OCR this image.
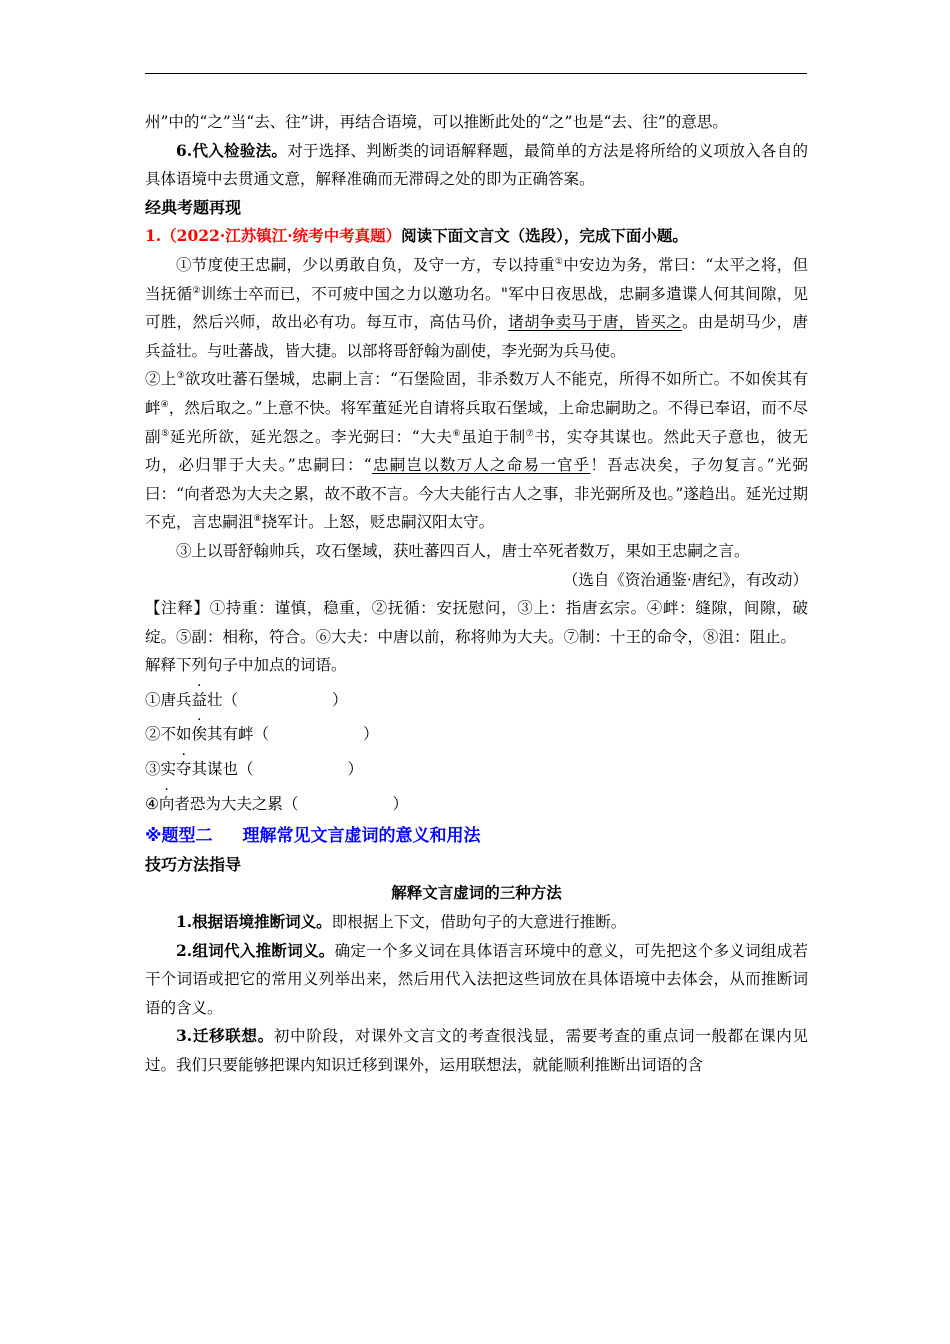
州”中的“之”当“去、往”讲，再结合语境，可以推断此处的“之”也是“去、往”的意思。

6.代入检验法。对于选择、判断类的词语解释题，最简单的方法是将所给的义项放入各自的具体语境中去贯通文意，解释准确而无滞碍之处的即为正确答案。

经典考题再现

1.（2022·江苏镇江·统考中考真题）阅读下面文言文（选段），完成下面小题。

①节度使王忠嗣，少以勇敢自负，及守一方，专以持重①中安边为务，常曰：“太平之将，但当抚循②训练士卒而已，不可疲中国之力以邀功名。"军中日夜思战，忠嗣多遣谍人何其间隙，见可胜，然后兴师，故出必有功。每互市，高估马价，诸胡争卖马于唐，皆买之。由是胡马少，唐兵益壮。与吐蕃战，皆大捷。以部将哥舒翰为副使，李光弼为兵马使。

②上③欲攻吐蕃石堡城，忠嗣上言：“石堡险固，非杀数万人不能克，所得不如所亡。不如俟其有衅④，然后取之。”上意不快。将军董延光自请将兵取石堡域，上命忠嗣助之。不得已奉诏，而不尽副⑤延光所欲，延光怨之。李光弼曰：“大夫⑥虽迫于制⑦书，实夺其谋也。然此天子意也，彼无功，必归罪于大夫。”忠嗣曰：“忠嗣岂以数万人之命易一官乎！吾志决矣，子勿复言。”光弼曰：“向者恐为大夫之累，故不敢不言。今大夫能行古人之事，非光弼所及也。”遂趋出。延光过期不克，言忠嗣沮⑧挠军计。上怒，贬忠嗣汉阳太守。

③上以哥舒翰帅兵，攻石堡域，获吐蕃四百人，唐士卒死者数万，果如王忠嗣之言。

（选自《资治通鉴·唐纪》，有改动）

【注释】①持重：谨慎，稳重，②抚循：安抚慰问，③上：指唐玄宗。④衅：缝隙，间隙，破绽。⑤副：相称，符合。⑥大夫：中唐以前，称将帅为大夫。⑦制：十王的命令，⑧沮：阻止。

解释下列句子中加点的词语。

①唐兵益壮（	）

②不如俟其有衅（	）

③实夺其谋也（	）

④向者恐为大夫之累（	）

※题型二 理解常见文言虚词的意义和用法

技巧方法指导

解释文言虚词的三种方法

1.根据语境推断词义。即根据上下文，借助句子的大意进行推断。

2.组词代入推断词义。确定一个多义词在具体语言环境中的意义，可先把这个多义词组成若干个词语或把它的常用义列举出来，然后用代入法把这些词放在具体语境中去体会，从而推断词语的含义。

3.迁移联想。初中阶段，对课外文言文的考查很浅显，需要考查的重点词一般都在课内见过。我们只要能够把课内知识迁移到课外，运用联想法，就能顺利推断出词语的含
